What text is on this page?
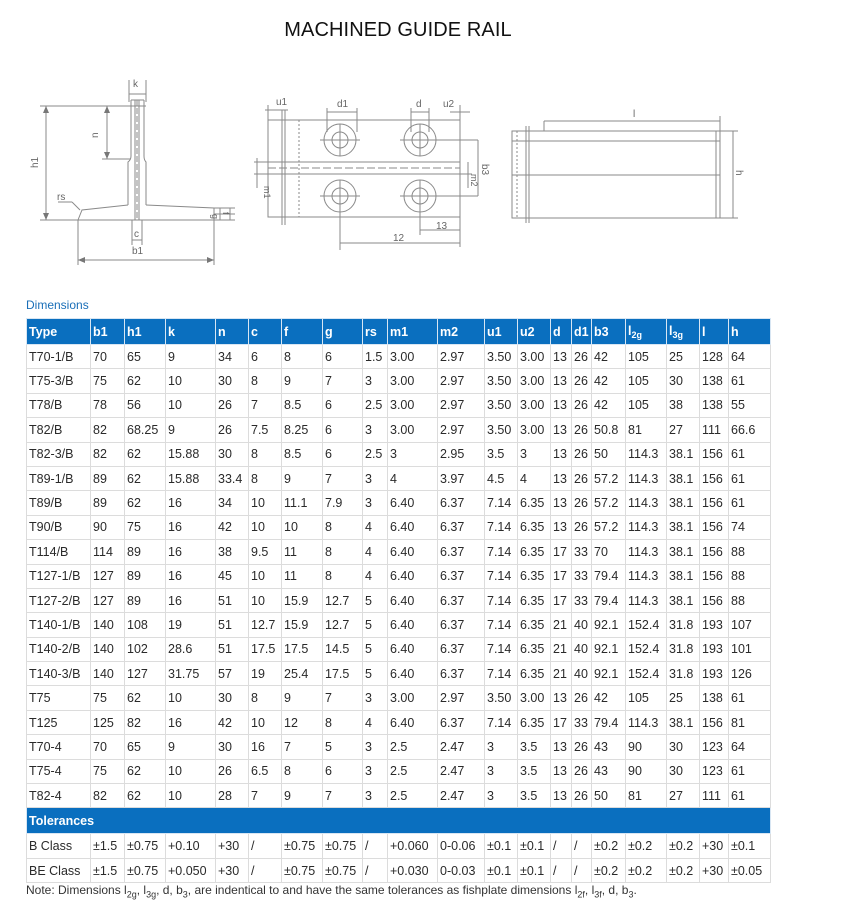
MACHINED GUIDE RAIL
k
n
h1
rs
c
b1
g
f
u1	d1	d u2
m1
m2
b3
13
12
l
h
Dimensions
Type	b1	h1	k	n	c	f	g	rs	m1	m2	u1	u2	d	d1	b3	$l_{2g}$	$l_{3g}$	l	h
T70-1/B	70	65	9	34	6	8	6	1.5	3.00	2.97	3.50	3.00	13	26	42	105	25	128	64
T75-3/B	75	62	10	30	8	9	7	3	3.00	2.97	3.50	3.00	13	26	42	105	30	138	61
T78/B	78	56	10	26	7	8.5	6	2.5	3.00	2.97	3.50	3.00	13	26	42	105	38	138	55
T82/B	82	68.25	9	26	7.5	8.25	6	3	3.00	2.97	3.50	3.00	13	26	50.8	81	27	111	66.6
T82-3/B	82	62	15.88	30	8	8.5	6	2.5	3	2.95	3.5	3	13	26	50	114.3	38.1	156	61
T89-1/B	89	62	15.88	33.4	8	9	7	3	4	3.97	4.5	4	13	26	57.2	114.3	38.1	156	61
T89/B	89	62	16	34	10	11.1	7.9	3	6.40	6.37	7.14	6.35	13	26	57.2	114.3	38.1	156	61
T90/B	90	75	16	42	10	10	8	4	6.40	6.37	7.14	6.35	13	26	57.2	114.3	38.1	156	74
T114/B	114	89	16	38	9.5	11	8	4	6.40	6.37	7.14	6.35	17	33	70	114.3	38.1	156	88
T127-1/B	127	89	16	45	10	11	8	4	6.40	6.37	7.14	6.35	17	33	79.4	114.3	38.1	156	88
T127-2/B	127	89	16	51	10	15.9	12.7	5	6.40	6.37	7.14	6.35	17	33	79.4	114.3	38.1	156	88
T140-1/B	140	108	19	51	12.7	15.9	12.7	5	6.40	6.37	7.14	6.35	21	40	92.1	152.4	31.8	193	107
T140-2/B	140	102	28.6	51	17.5	17.5	14.5	5	6.40	6.37	7.14	6.35	21	40	92.1	152.4	31.8	193	101
T140-3/B	140	127	31.75	57	19	25.4	17.5	5	6.40	6.37	7.14	6.35	21	40	92.1	152.4	31.8	193	126
T75	75	62	10	30	8	9	7	3	3.00	2.97	3.50	3.00	13	26	42	105	25	138	61
T125	125	82	16	42	10	12	8	4	6.40	6.37	7.14	6.35	17	33	79.4	114.3	38.1	156	81
T70-4	70	65	9	30	16	7	5	3	2.5	2.47	3	3.5	13	26	43	90	30	123	64
T75-4	75	62	10	26	6.5	8	6	3	2.5	2.47	3	3.5	13	26	43	90	30	123	61
T82-4	82	62	10	28	7	9	7	3	2.5	2.47	3	3.5	13	26	50	81	27	111	61
Tolerances																			
B Class	±1.5	±0.75	+0.10	+30	/	±0.75	±0.75	/	+0.060	0-0.06	±0.1	±0.1	/	/	±0.2	±0.2	±0.2	+30	±0.1
BE Class	±1.5	±0.75	+0.050	+30	/	±0.75	±0.75	/	+0.030	0-0.03	±0.1	±0.1	/	/	±0.2	±0.2	±0.2	+30	±0.05
Note: Dimensions $l_{2g}$, $l_{3g}$, d, $b_3$, are indentical to and have the same tolerances as fishplate dimensions $l_{2f}$, $l_{3f}$, d, $b_3$.
